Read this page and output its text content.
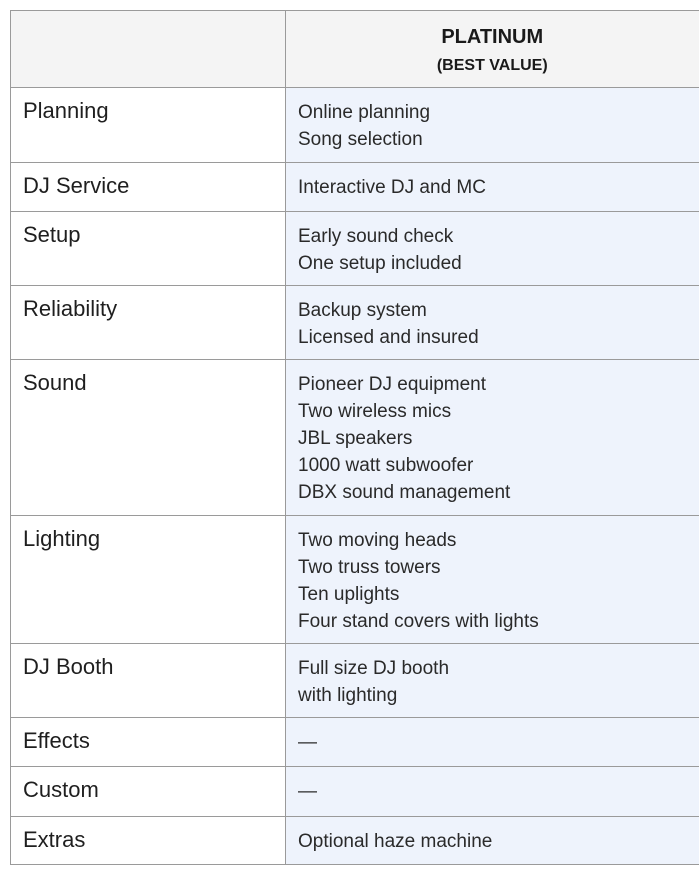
	PLATINUM
(BEST VALUE)

Planning	Online planning
Song selection

DJ Service	Interactive DJ and MC

Setup	Early sound check
One setup included

Reliability	Backup system
Licensed and insured

Sound	Pioneer DJ equipment
Two wireless mics
JBL speakers
1000 watt subwoofer
DBX sound management

Lighting	Two moving heads
Two truss towers
Ten uplights
Four stand covers with lights

DJ Booth	Full size DJ booth
with lighting

Effects	—

Custom	—

Extras	Optional haze machine
